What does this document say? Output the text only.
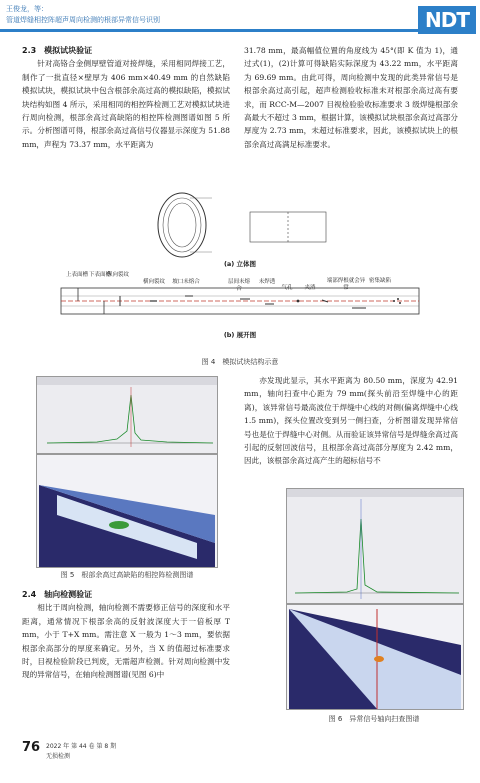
王俊龙，等：
管道焊缝相控阵超声周向检测的根部异常信号识别	NDT

2.3　模拟试块验证

针对高铬合金侧厚壁管道对接焊缝，采用相同焊接工艺，制作了一批直径×壁厚为 406 mm×40.49 mm 的自然缺陷模拟试块，模拟试块中包含根部余高过高的模拟缺陷，模拟试块结构如图 4 所示，采用相同的相控阵检测工艺对模拟试块进行周向检测，根部余高过高缺陷的相控阵检测图谱如图 5 所示。分析图谱可得，根部余高过高信号仪器显示深度为 51.88 mm，声程为 73.37 mm，水平距离为

31.78 mm，最高幅值位置的角度线为 45°(即 K 值为 1)，通过式(1)，(2)计算可得缺陷实际深度为 43.22 mm，水平距离为 69.69 mm。由此可得，周向检测中发现的此类异常信号是根部余高过高引起，超声检测验收标准未对根部余高过高有要求，而 RCC-M—2007 目视检验验收标准要求 3 级焊缝根部余高最大不超过 3 mm，根据计算，该模拟试块根部余高过高部分厚度为 2.73 mm，未超过标准要求，因此，该模拟试块上的根部余高过高满足标准要求。

(a) 立体图
上表面槽 下表面槽
纵向裂纹
横向裂纹 坡口未熔合	层间未熔合
未焊透
气孔	夹渣
端部焊根就会异常
密集缺陷
(b) 展开图
图 4　模拟试块结构示意
图 5　根部余高过高缺陷的相控阵检测图谱

亦发现此显示，其水平距离为 80.50 mm，深度为 42.91 mm，轴向扫查中心距为 79 mm(探头前沿至焊缝中心的距离)，该异常信号最高波位于焊缝中心线的对侧(偏离焊缝中心线 1.5 mm)，探头位置改变到另一侧扫查，分析图谱发现异常信号也是位于焊缝中心对侧。从而验证该异常信号是焊缝余高过高引起的反射回波信号，且根部余高过高部分厚度为 2.42 mm，因此，该根部余高过高产生的超标信号不

2.4　轴向检测验证

相比于周向检测，轴向检测不需要修正信号的深度和水平距离，通常情况下根部余高的反射波深度大于一倍板厚 T mm，小于 T+X mm。需注意 X 一般为 1～3 mm，要依据根部余高部分的厚度来确定。另外，当 X 的值超过标准要求时，目视检验阶段已判废，无需超声检测。针对周向检测中发现的异常信号，在轴向检测图谱(见图 6)中

图 6　异常信号轴向扫查图谱
76 2022 年 第 44 卷 第 8 期
无损检测
